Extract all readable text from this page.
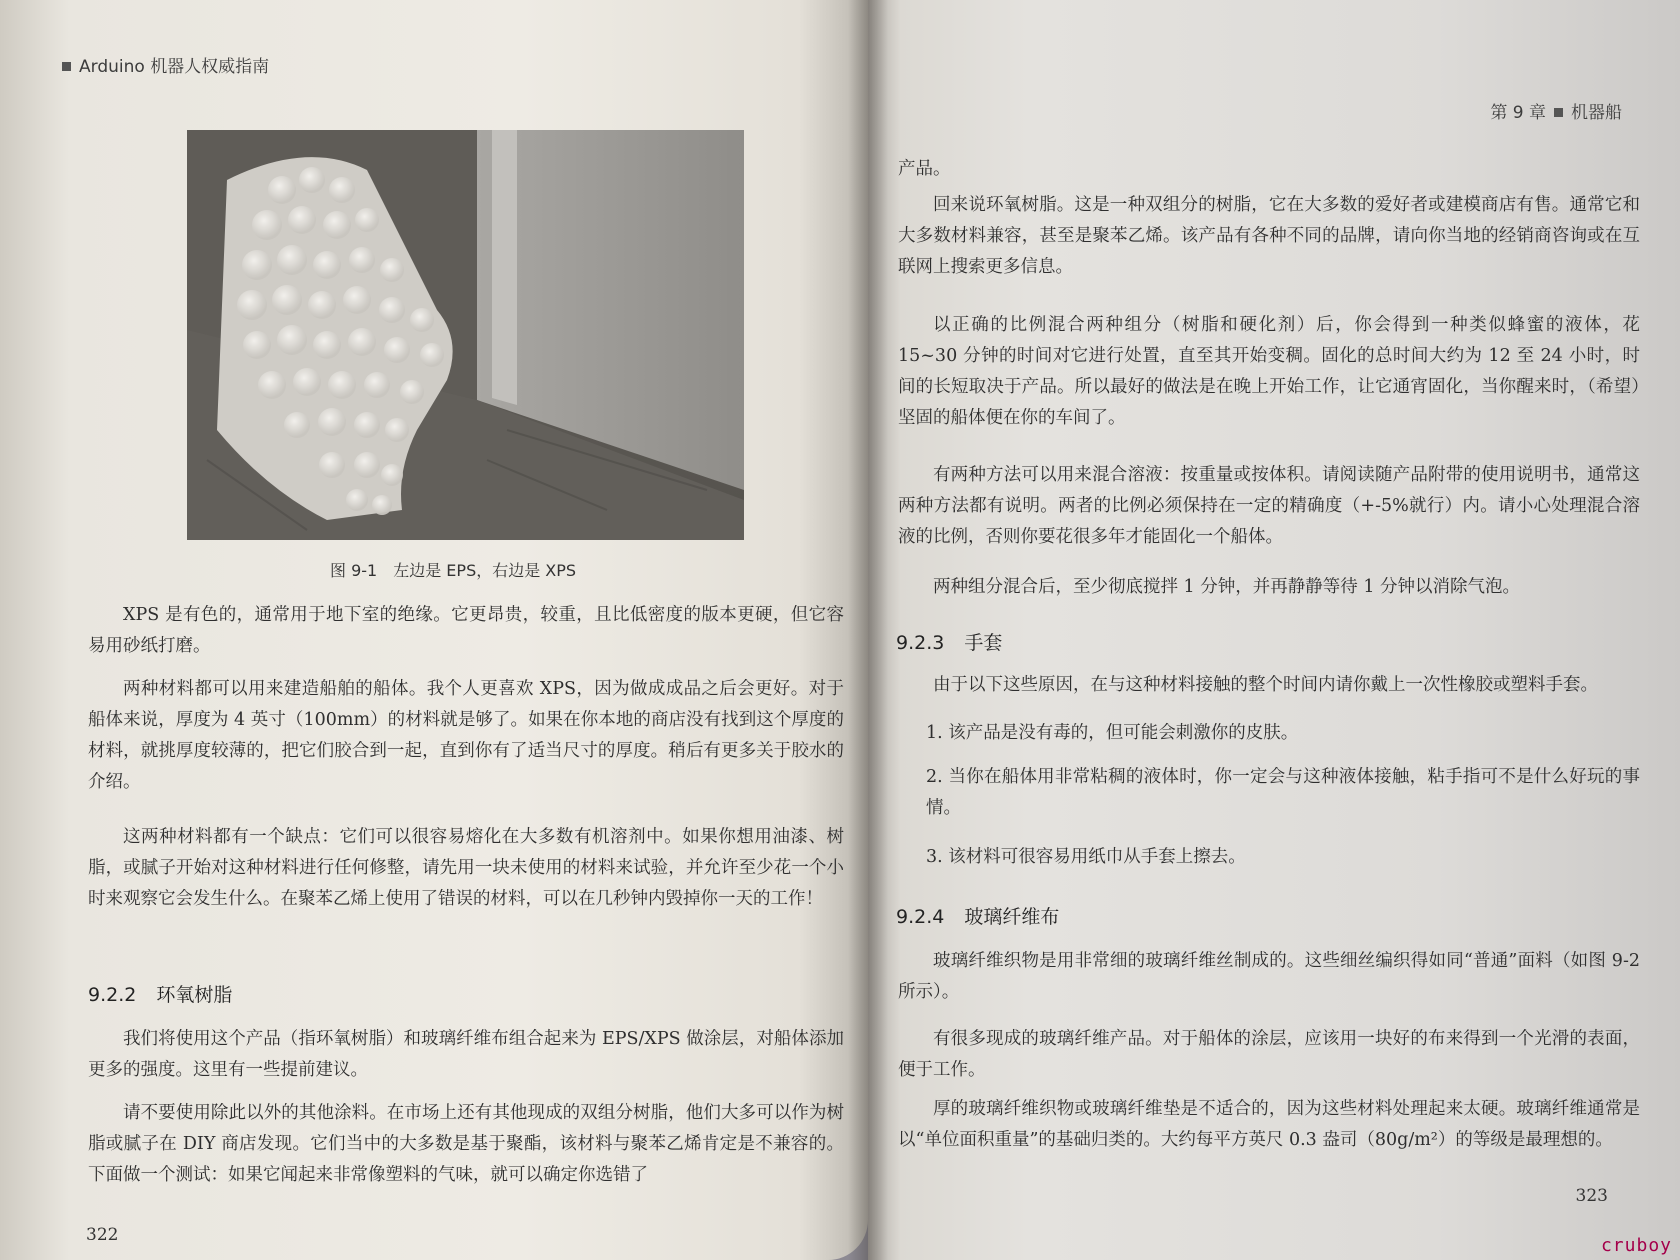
Arduino 机器人权威指南
图 9-1　左边是 EPS，右边是 XPS

XPS 是有色的，通常用于地下室的绝缘。它更昂贵，较重，且比低密度的版本更硬，但它容易用砂纸打磨。

两种材料都可以用来建造船舶的船体。我个人更喜欢 XPS，因为做成成品之后会更好。对于船体来说，厚度为 4 英寸（100mm）的材料就是够了。如果在你本地的商店没有找到这个厚度的材料，就挑厚度较薄的，把它们胶合到一起，直到你有了适当尺寸的厚度。稍后有更多关于胶水的介绍。

这两种材料都有一个缺点：它们可以很容易熔化在大多数有机溶剂中。如果你想用油漆、树脂，或腻子开始对这种材料进行任何修整，请先用一块未使用的材料来试验，并允许至少花一个小时来观察它会发生什么。在聚苯乙烯上使用了错误的材料，可以在几秒钟内毁掉你一天的工作！

9.2.2 环氧树脂

我们将使用这个产品（指环氧树脂）和玻璃纤维布组合起来为 EPS/XPS 做涂层，对船体添加更多的强度。这里有一些提前建议。

请不要使用除此以外的其他涂料。在市场上还有其他现成的双组分树脂，他们大多可以作为树脂或腻子在 DIY 商店发现。它们当中的大多数是基于聚酯，该材料与聚苯乙烯肯定是不兼容的。下面做一个测试：如果它闻起来非常像塑料的气味，就可以确定你选错了

322
第 9 章 机器船

产品。

回来说环氧树脂。这是一种双组分的树脂，它在大多数的爱好者或建模商店有售。通常它和大多数材料兼容，甚至是聚苯乙烯。该产品有各种不同的品牌，请向你当地的经销商咨询或在互联网上搜索更多信息。

以正确的比例混合两种组分（树脂和硬化剂）后，你会得到一种类似蜂蜜的液体，花 15~30 分钟的时间对它进行处置，直至其开始变稠。固化的总时间大约为 12 至 24 小时，时间的长短取决于产品。所以最好的做法是在晚上开始工作，让它通宵固化，当你醒来时，（希望）坚固的船体便在你的车间了。

有两种方法可以用来混合溶液：按重量或按体积。请阅读随产品附带的使用说明书，通常这两种方法都有说明。两者的比例必须保持在一定的精确度（+-5%就行）内。请小心处理混合溶液的比例，否则你要花很多年才能固化一个船体。

两种组分混合后，至少彻底搅拌 1 分钟，并再静静等待 1 分钟以消除气泡。

9.2.3 手套

由于以下这些原因，在与这种材料接触的整个时间内请你戴上一次性橡胶或塑料手套。

1. 该产品是没有毒的，但可能会刺激你的皮肤。

2. 当你在船体用非常粘稠的液体时，你一定会与这种液体接触，粘手指可不是什么好玩的事情。

3. 该材料可很容易用纸巾从手套上擦去。

9.2.4 玻璃纤维布

玻璃纤维织物是用非常细的玻璃纤维丝制成的。这些细丝编织得如同“普通”面料（如图 9-2 所示）。

有很多现成的玻璃纤维产品。对于船体的涂层，应该用一块好的布来得到一个光滑的表面，便于工作。

厚的玻璃纤维织物或玻璃纤维垫是不适合的，因为这些材料处理起来太硬。玻璃纤维通常是以“单位面积重量”的基础归类的。大约每平方英尺 0.3 盎司（80g/m²）的等级是最理想的。

323
cruboy
